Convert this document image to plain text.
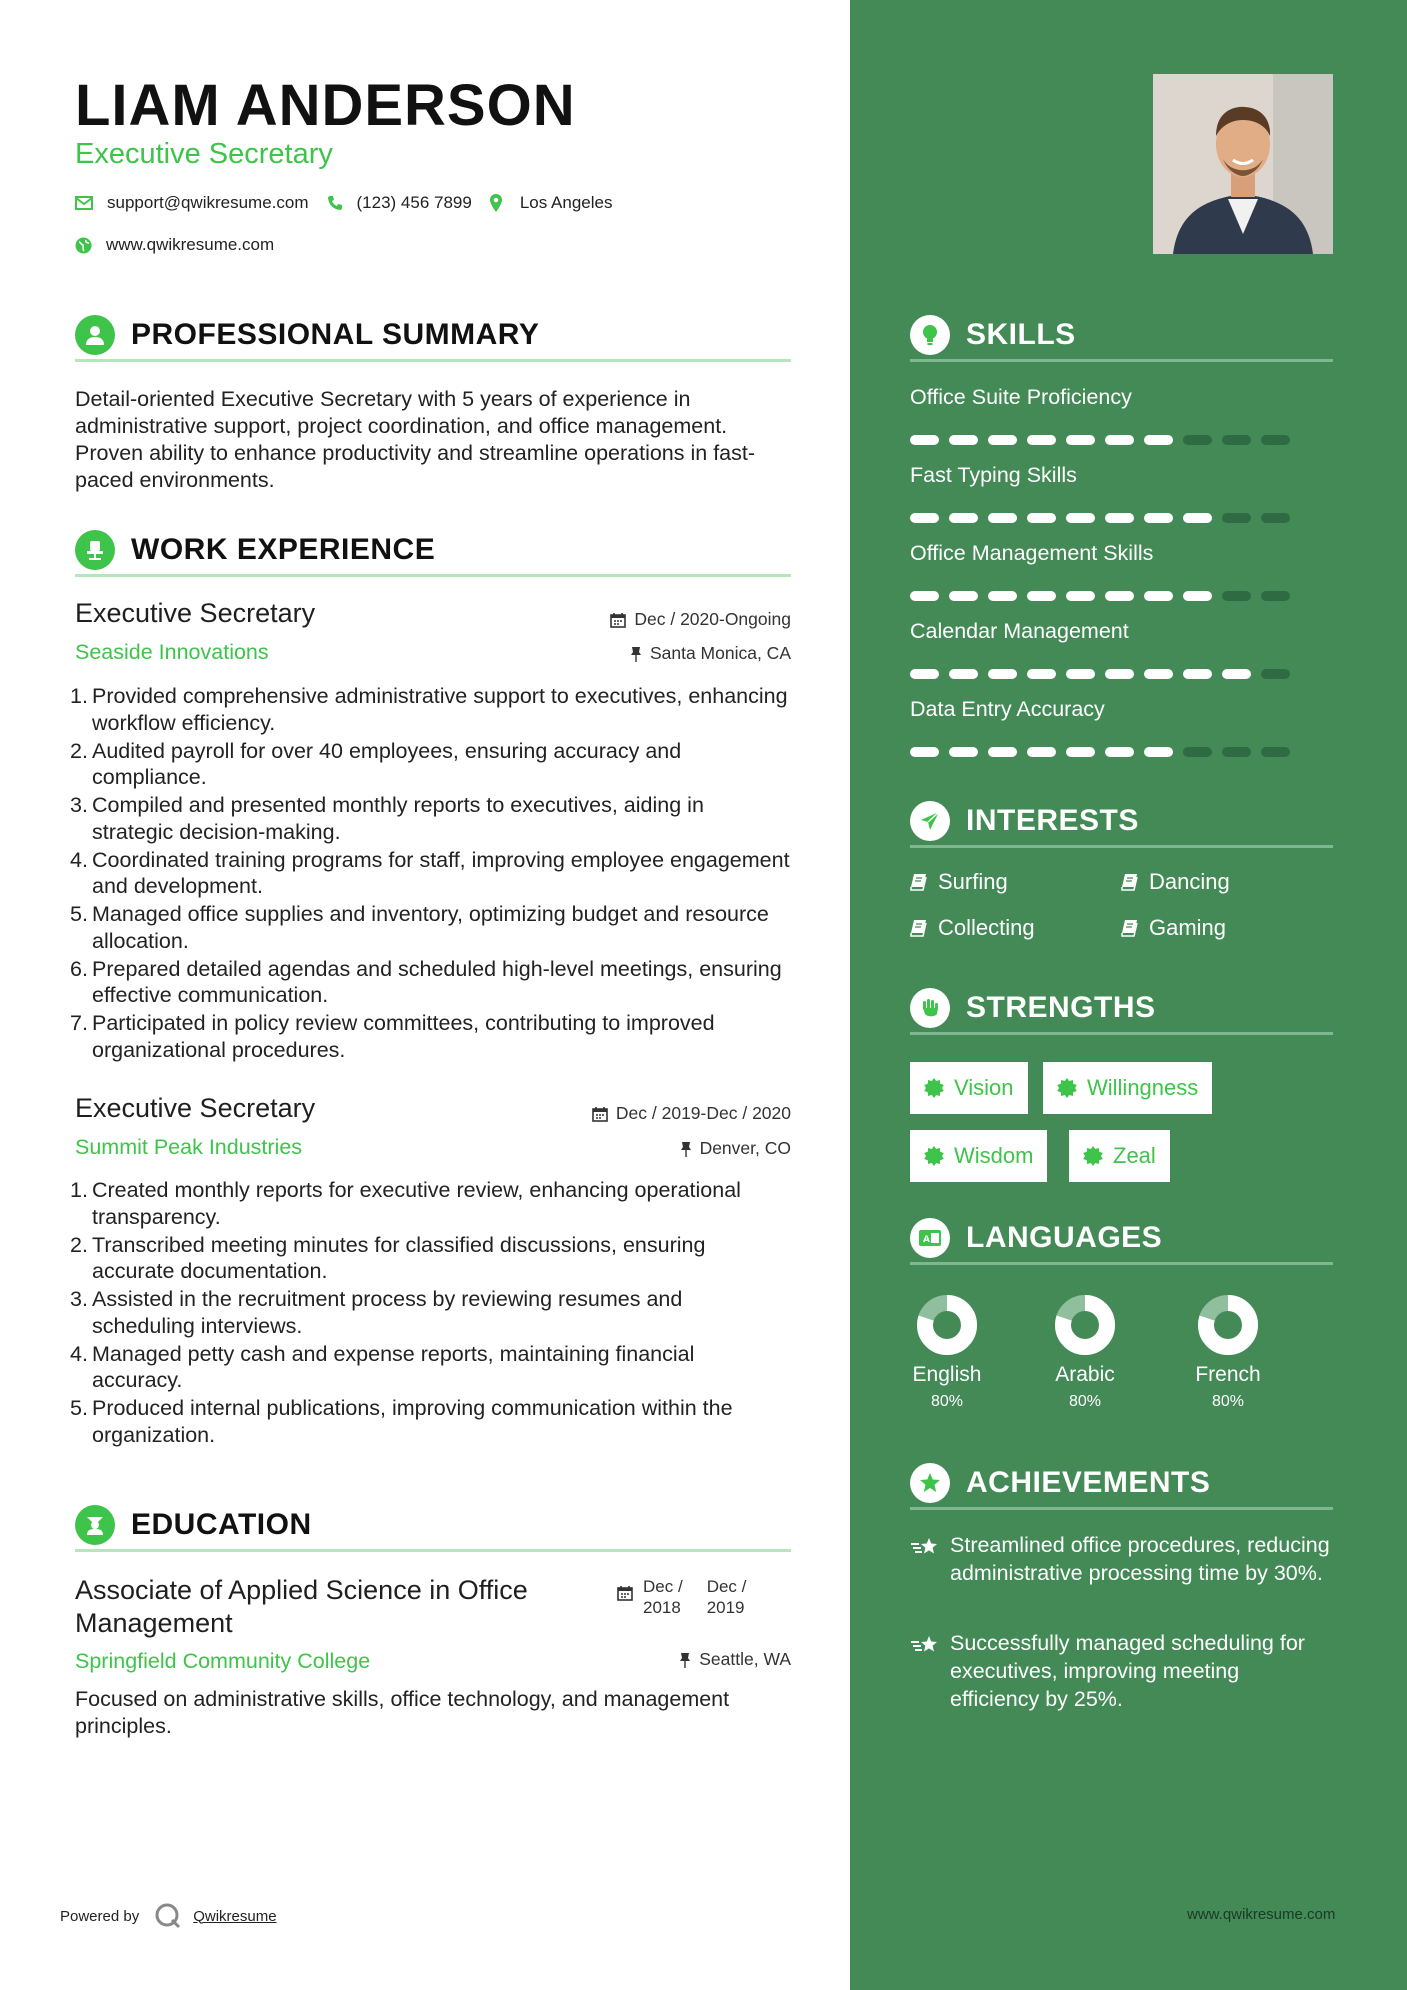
LIAM ANDERSON
Executive Secretary
support@qwikresume.com	(123) 456 7899	Los Angeles
www.qwikresume.com
PROFESSIONAL SUMMARY
Detail-oriented Executive Secretary with 5 years of experience in administrative support, project coordination, and office management. Proven ability to enhance productivity and streamline operations in fast-paced environments.
WORK EXPERIENCE
Executive Secretary
Seaside Innovations
Dec / 2020-Ongoing
Santa Monica, CA
1. Provided comprehensive administrative support to executives, enhancing workflow efficiency.
2. Audited payroll for over 40 employees, ensuring accuracy and compliance.
3. Compiled and presented monthly reports to executives, aiding in strategic decision-making.
4. Coordinated training programs for staff, improving employee engagement and development.
5. Managed office supplies and inventory, optimizing budget and resource allocation.
6. Prepared detailed agendas and scheduled high-level meetings, ensuring effective communication.
7. Participated in policy review committees, contributing to improved organizational procedures.
Executive Secretary
Summit Peak Industries
Dec / 2019-Dec / 2020
Denver, CO
1. Created monthly reports for executive review, enhancing operational transparency.
2. Transcribed meeting minutes for classified discussions, ensuring accurate documentation.
3. Assisted in the recruitment process by reviewing resumes and scheduling interviews.
4. Managed petty cash and expense reports, maintaining financial accuracy.
5. Produced internal publications, improving communication within the organization.
EDUCATION
Associate of Applied Science in Office Management
Springfield Community College
Dec /
2018
Dec /
2019
Seattle, WA
Focused on administrative skills, office technology, and management principles.
Powered by	Qwikresume
SKILLS
Office Suite Proficiency
Fast Typing Skills
Office Management Skills
Calendar Management
Data Entry Accuracy
INTERESTS
Surfing	Dancing
Collecting	Gaming
STRENGTHS
Vision	Willingness
Wisdom	Zeal
A LANGUAGES
English
80%
Arabic
80%
French
80%
ACHIEVEMENTS
Streamlined office procedures, reducing administrative processing time by 30%.
Successfully managed scheduling for executives, improving meeting efficiency by 25%.
www.qwikresume.com
